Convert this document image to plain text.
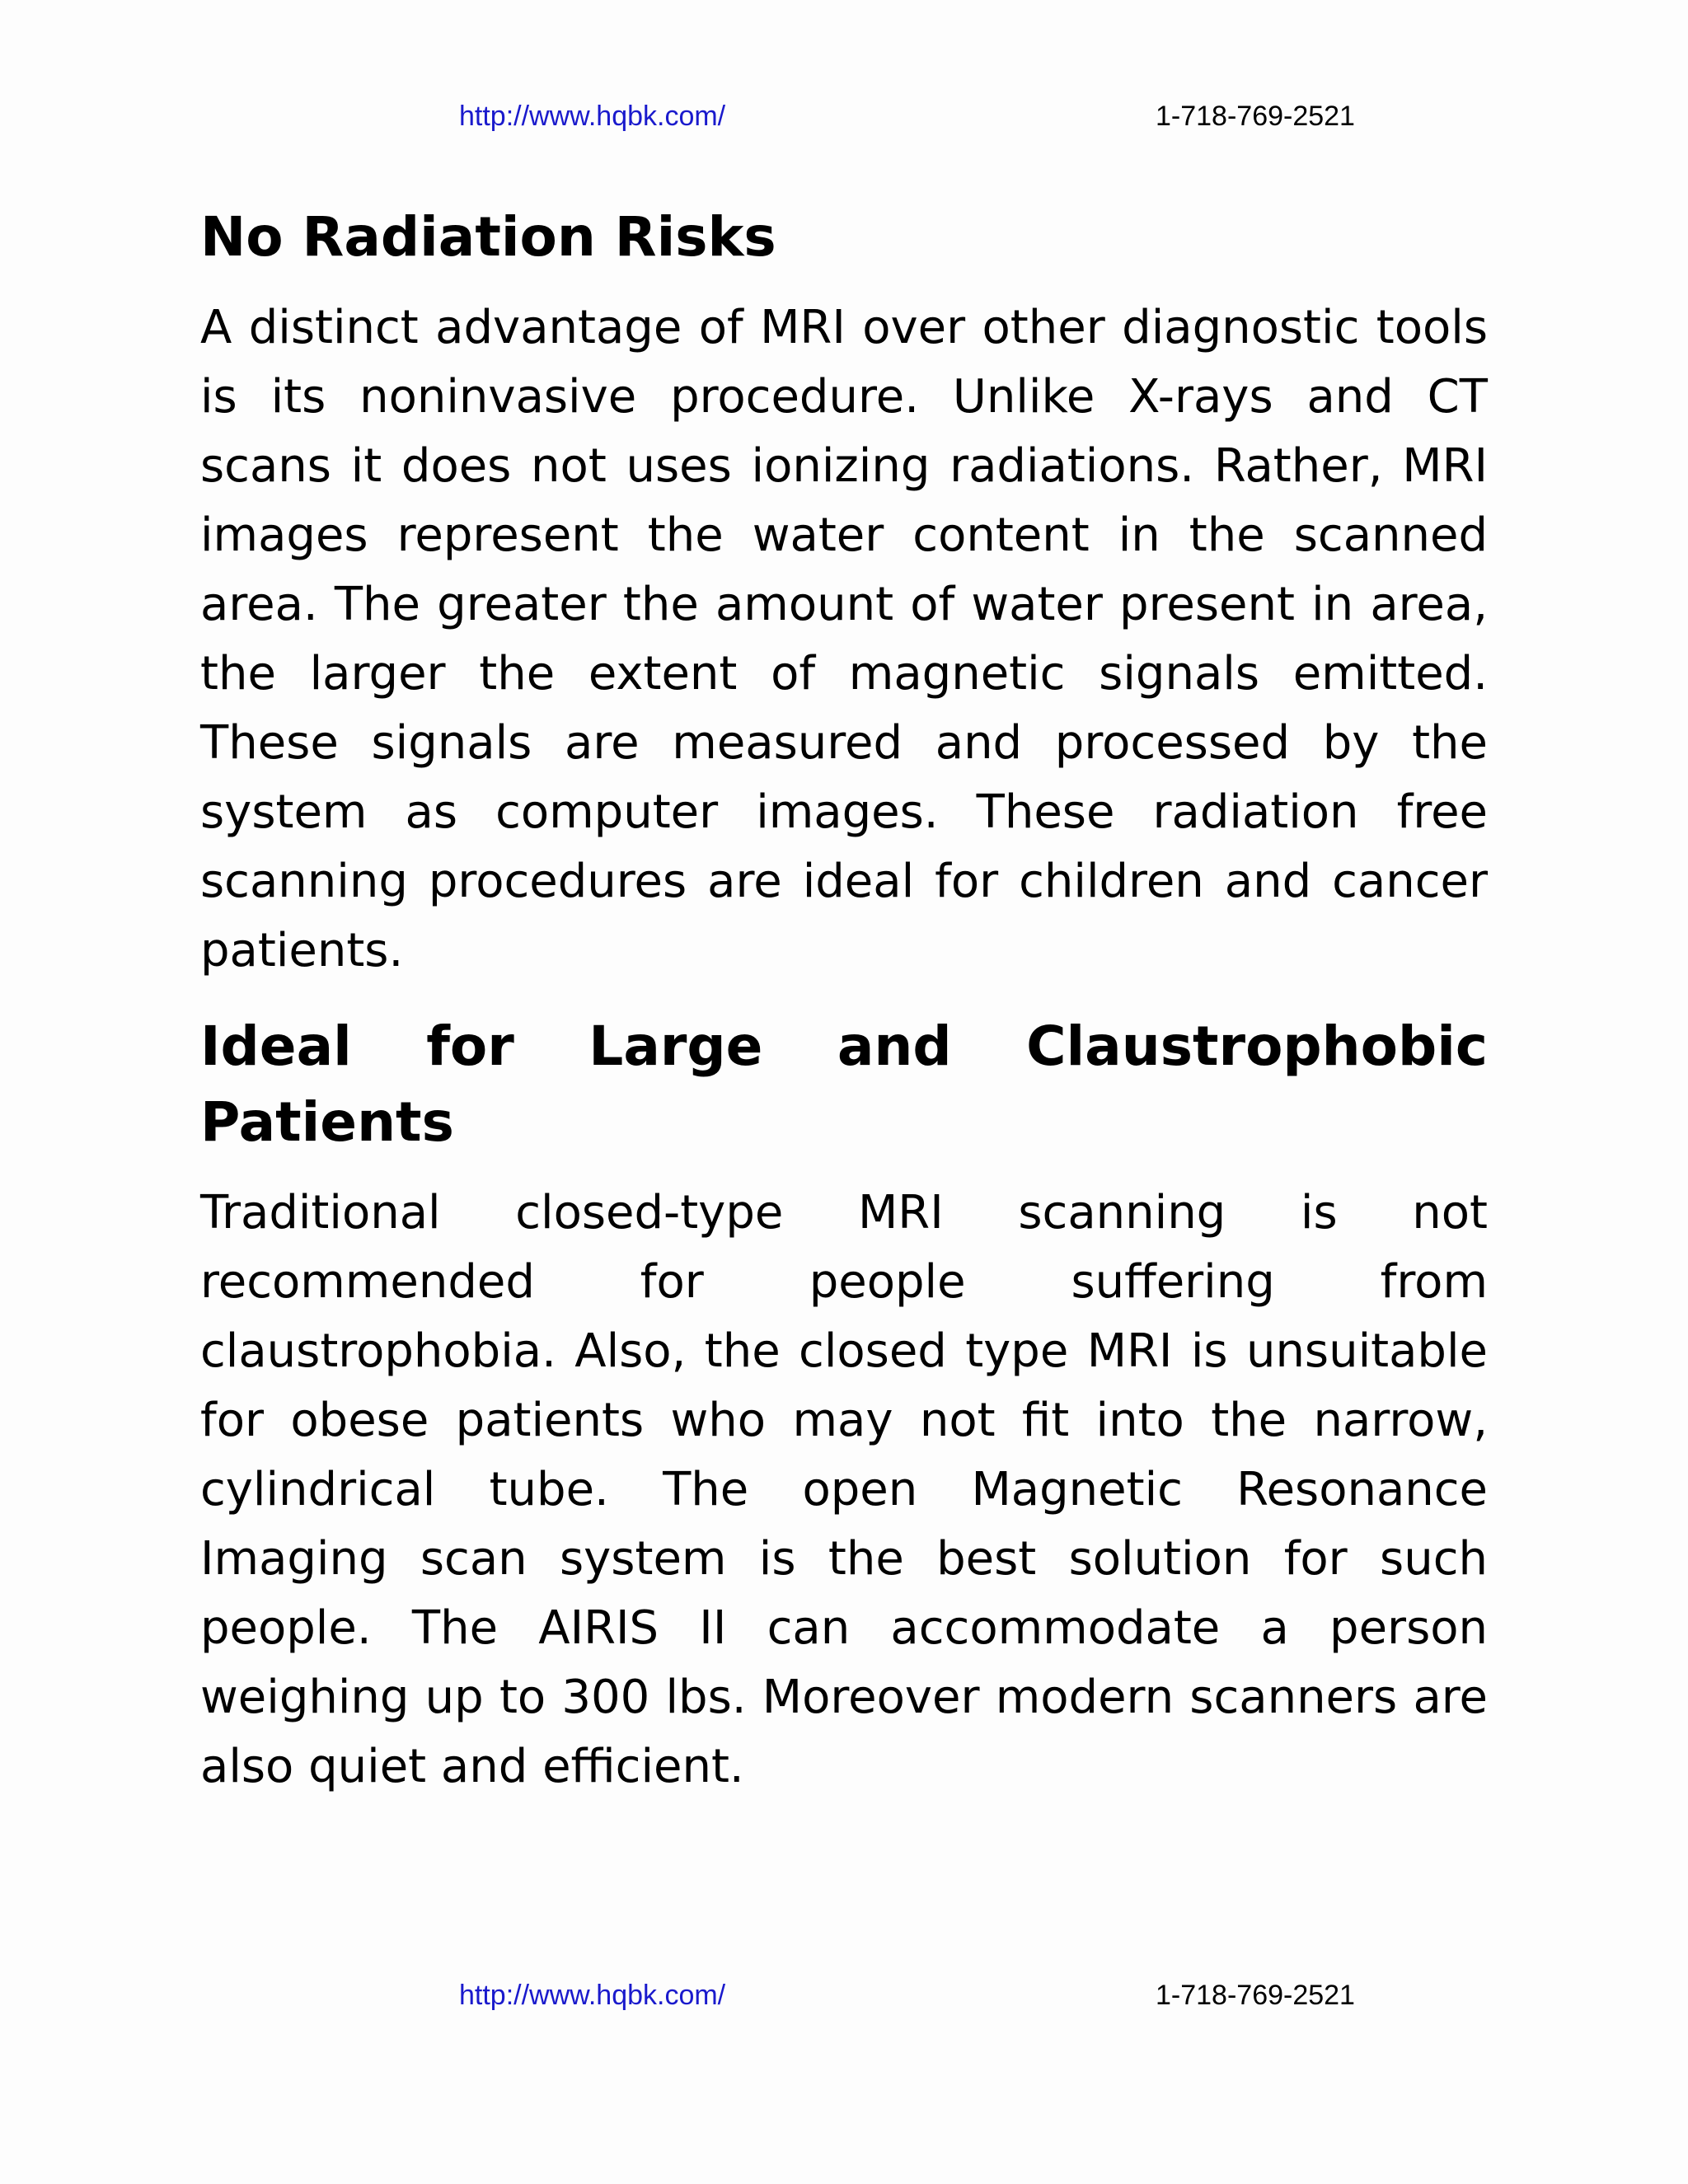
http://www.hqbk.com/	1-718-769-2521
No Radiation Risks

A distinct advantage of MRI over other diagnostic tools is its noninvasive procedure. Unlike X-rays and CT scans it does not uses ionizing radiations. Rather, MRI images represent the water content in the scanned area. The greater the amount of water present in area, the larger the extent of magnetic signals emitted. These signals are measured and processed by the system as computer images. These radiation free scanning procedures are ideal for children and cancer patients.

Ideal for Large and Claustrophobic Patients

Traditional closed-type MRI scanning is not recommended for people suffering from claustrophobia. Also, the closed type MRI is unsuitable for obese patients who may not fit into the narrow, cylindrical tube. The open Magnetic Resonance Imaging scan system is the best solution for such people. The AIRIS II can accommodate a person weighing up to 300 lbs. Moreover modern scanners are also quiet and efficient.

http://www.hqbk.com/	1-718-769-2521
